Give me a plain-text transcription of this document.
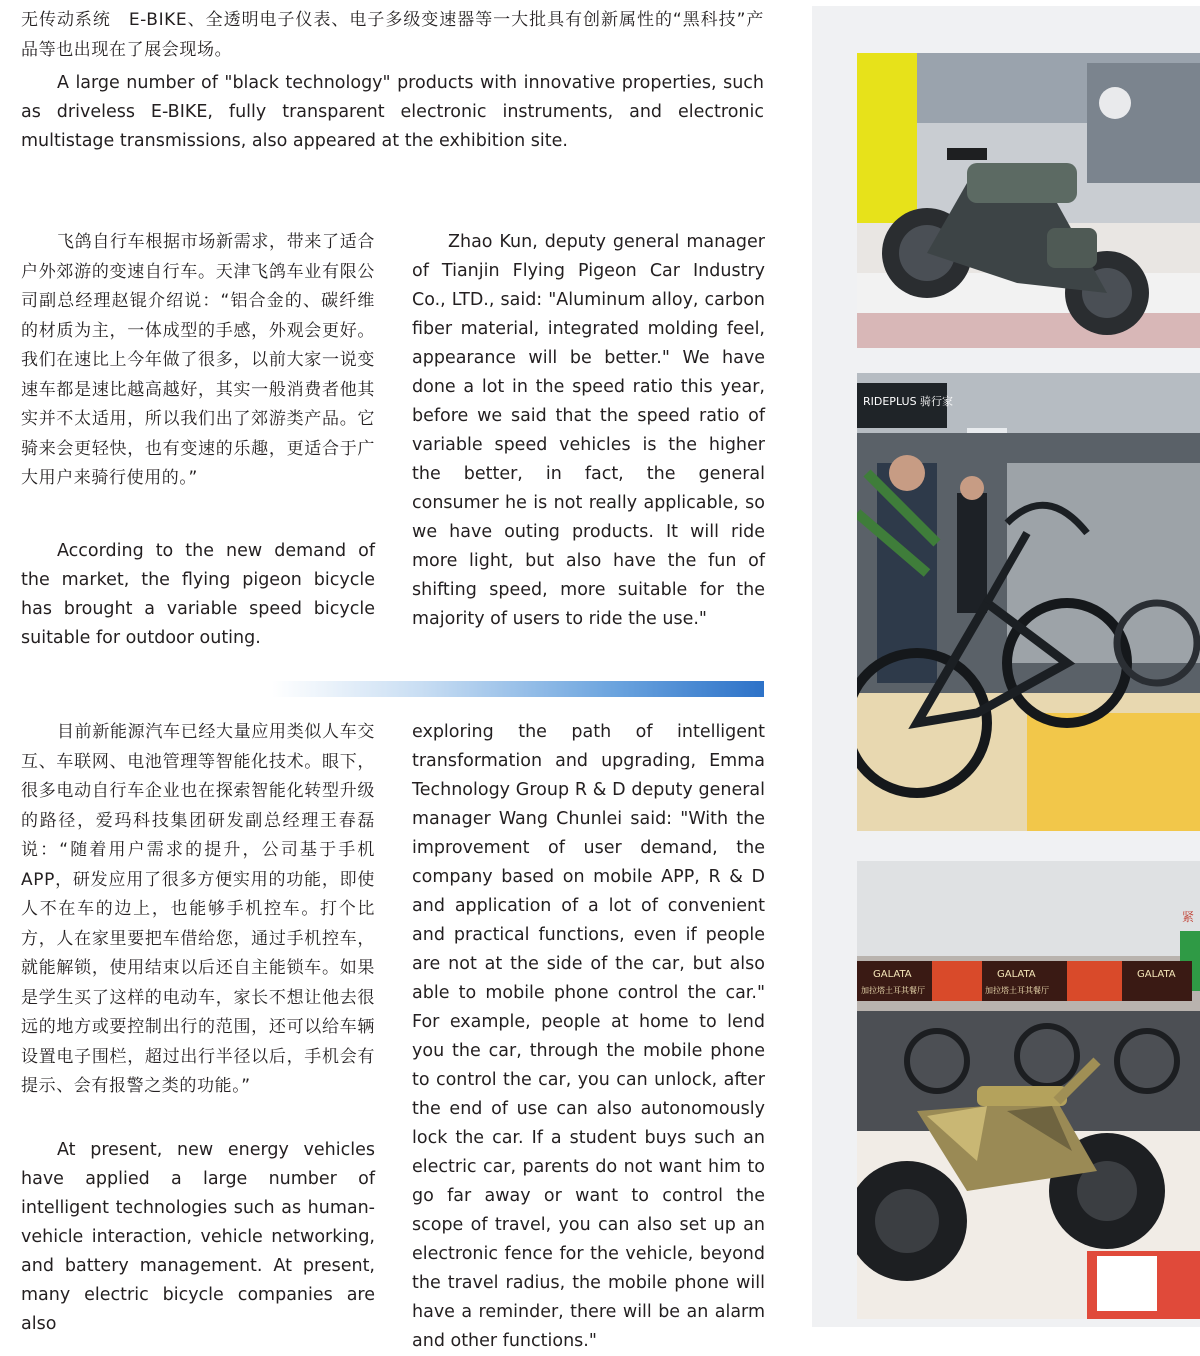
无传动系统　E-BIKE、全透明电子仪表、电子多级变速器等一大批具有创新属性的“黑科技”产品等也出现在了展会现场。

A large number of "black technology" products with innovative properties, such as driveless E-BIKE, fully transparent electronic instruments, and electronic multistage transmissions, also appeared at the exhibition site.

飞鸽自行车根据市场新需求，带来了适合户外郊游的变速自行车。天津飞鸽车业有限公司副总经理赵锟介绍说：“铝合金的、碳纤维的材质为主，一体成型的手感，外观会更好。我们在速比上今年做了很多，以前大家一说变速车都是速比越高越好，其实一般消费者他其实并不太适用，所以我们出了郊游类产品。它骑来会更轻快，也有变速的乐趣，更适合于广大用户来骑行使用的。”

According to the new demand of the market, the flying pigeon bicycle has brought a variable speed bicycle suitable for outdoor outing.

Zhao Kun, deputy general manager of Tianjin Flying Pigeon Car Industry Co., LTD., said: "Aluminum alloy, carbon fiber material, integrated molding feel, appearance will be better." We have done a lot in the speed ratio this year, before we said that the speed ratio of variable speed vehicles is the higher the better, in fact, the general consumer he is not really applicable, so we have outing products. It will ride more light, but also have the fun of shifting speed, more suitable for the majority of users to ride the use."

目前新能源汽车已经大量应用类似人车交互、车联网、电池管理等智能化技术。眼下，很多电动自行车企业也在探索智能化转型升级的路径，爱玛科技集团研发副总经理王春磊说：“随着用户需求的提升，公司基于手机APP，研发应用了很多方便实用的功能，即使人不在车的边上，也能够手机控车。打个比方，人在家里要把车借给您，通过手机控车，就能解锁，使用结束以后还自主能锁车。如果是学生买了这样的电动车，家长不想让他去很远的地方或要控制出行的范围，还可以给车辆设置电子围栏，超过出行半径以后，手机会有提示、会有报警之类的功能。”

At present, new energy vehicles have applied a large number of intelligent technologies such as human-vehicle interaction, vehicle networking, and battery management. At present, many electric bicycle companies are also

exploring the path of intelligent transformation and upgrading, Emma Technology Group R & D deputy general manager Wang Chunlei said: "With the improvement of user demand, the company based on mobile APP, R & D and application of a lot of convenient and practical functions, even if people are not at the side of the car, but also able to mobile phone control the car." For example, people at home to lend you the car, through the mobile phone to control the car, you can unlock, after the end of use can also autonomously lock the car. If a student buys such an electric car, parents do not want him to go far away or want to control the scope of travel, you can also set up an electronic fence for the vehicle, beyond the travel radius, the mobile phone will have a reminder, there will be an alarm and other functions."

RIDEPLUS 骑行家
紧
GALATA	GALATA	GALATA
加拉塔土耳其餐厅	加拉塔土耳其餐厅
